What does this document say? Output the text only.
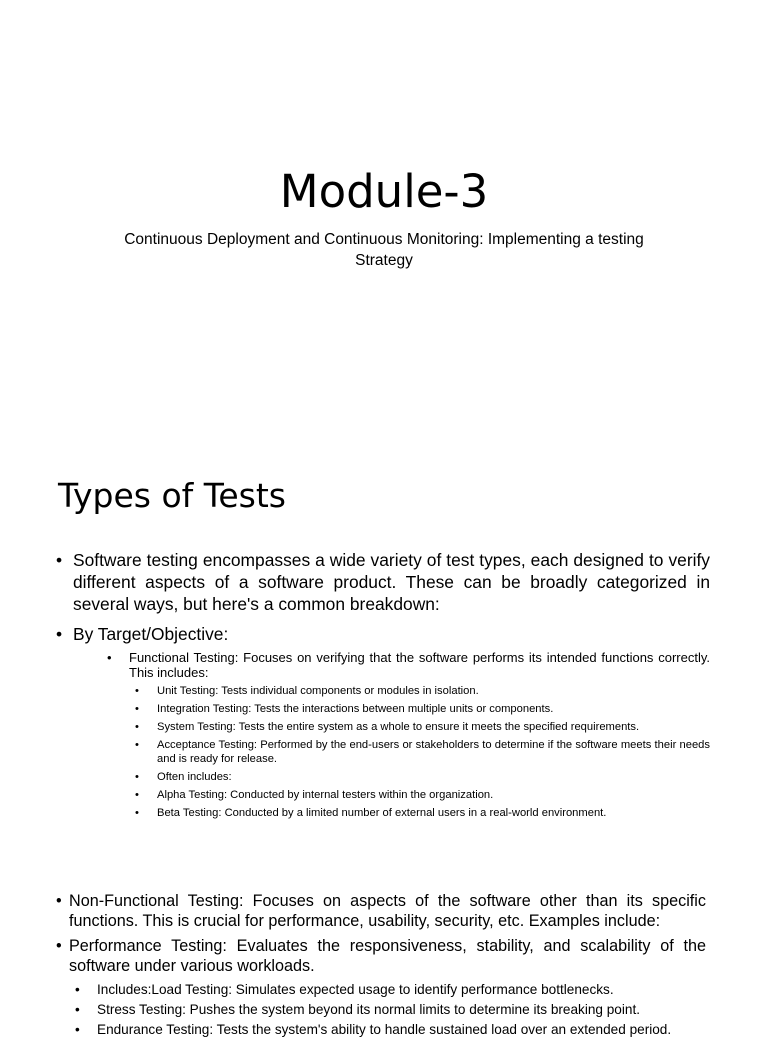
Module-3

Continuous Deployment and Continuous Monitoring: Implementing a testing Strategy

Types of Tests
• Software testing encompasses a wide variety of test types, each designed to verify different aspects of a software product. These can be broadly categorized in several ways, but here's a common breakdown:
• By Target/Objective:
• Functional Testing: Focuses on verifying that the software performs its intended functions correctly. This includes:
• Unit Testing: Tests individual components or modules in isolation.
• Integration Testing: Tests the interactions between multiple units or components.
• System Testing: Tests the entire system as a whole to ensure it meets the specified requirements.
• Acceptance Testing: Performed by the end-users or stakeholders to determine if the software meets their needs and is ready for release.
• Often includes:
• Alpha Testing: Conducted by internal testers within the organization.
• Beta Testing: Conducted by a limited number of external users in a real-world environment.
• Non-Functional Testing: Focuses on aspects of the software other than its specific functions. This is crucial for performance, usability, security, etc. Examples include:
• Performance Testing: Evaluates the responsiveness, stability, and scalability of the software under various workloads.
• Includes:Load Testing: Simulates expected usage to identify performance bottlenecks.
• Stress Testing: Pushes the system beyond its normal limits to determine its breaking point.
• Endurance Testing: Tests the system's ability to handle sustained load over an extended period.
